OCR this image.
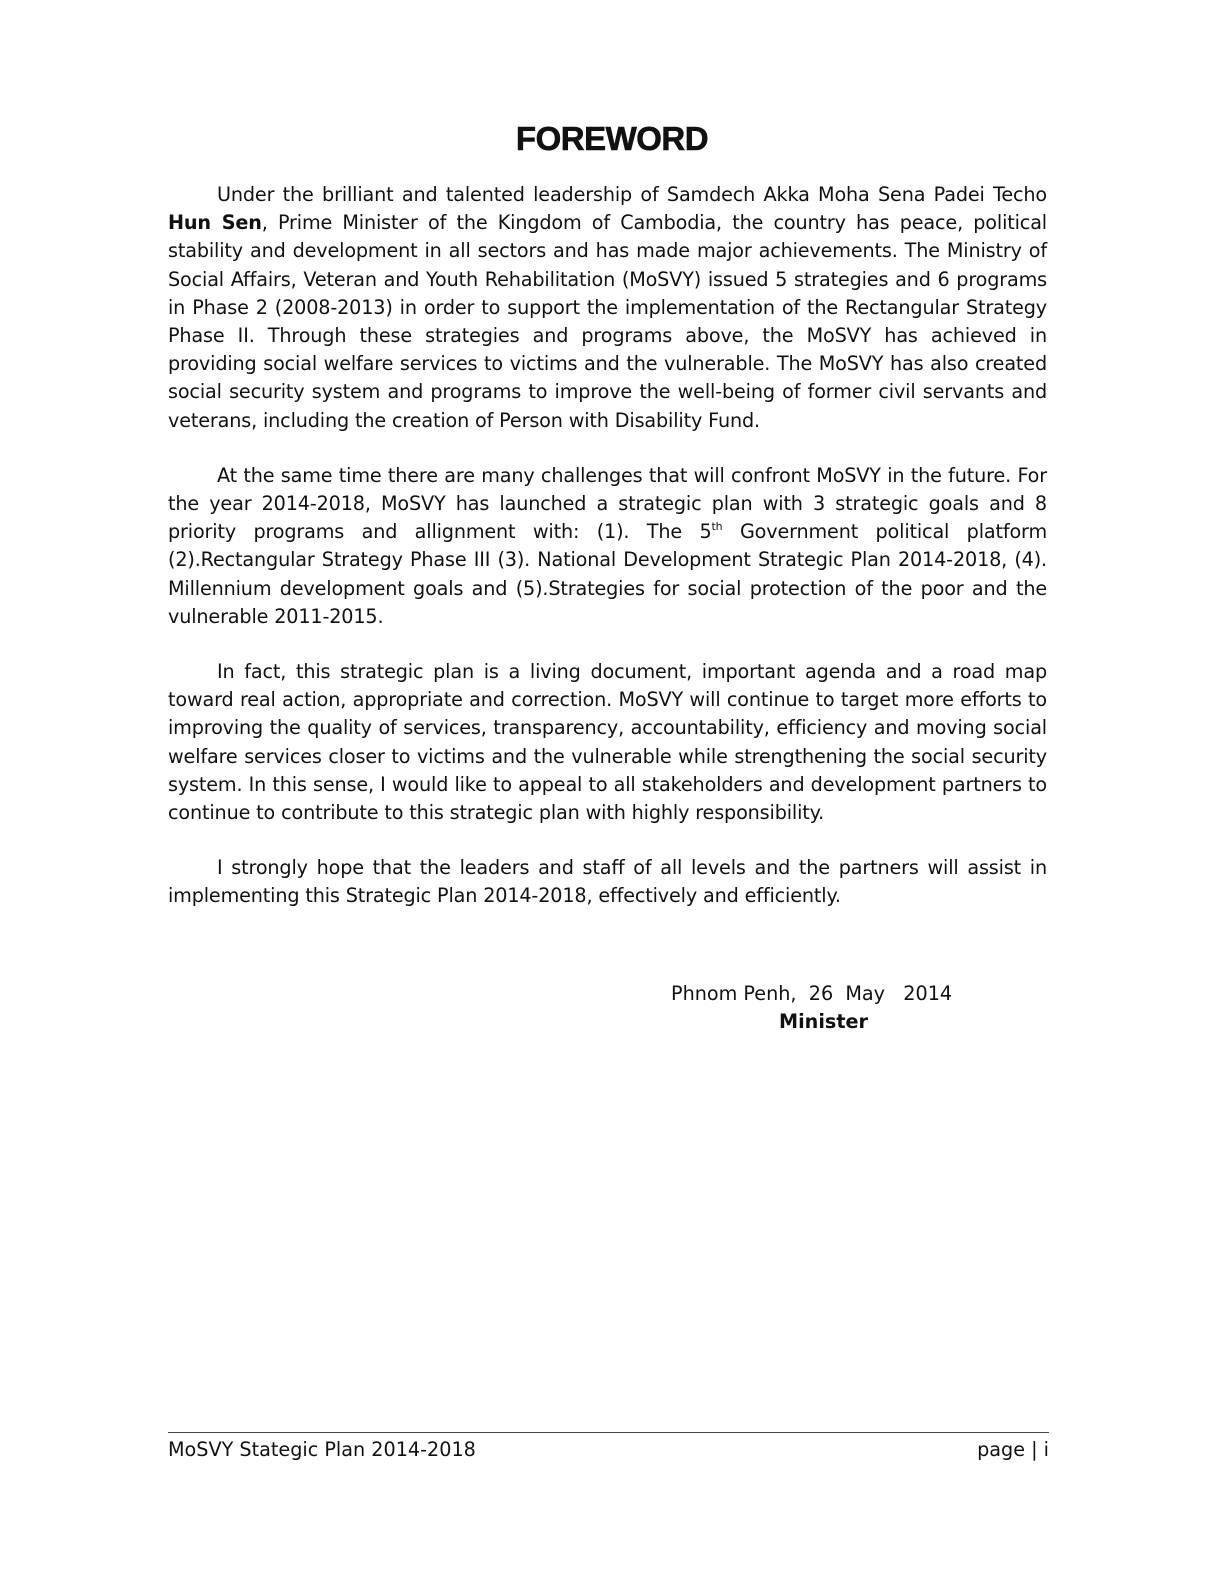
FOREWORD

Under the brilliant and talented leadership of Samdech Akka Moha Sena Padei Techo Hun Sen, Prime Minister of the Kingdom of Cambodia, the country has peace, political stability and development in all sectors and has made major achievements. The Ministry of Social Affairs, Veteran and Youth Rehabilitation (MoSVY) issued 5 strategies and 6 programs in Phase 2 (2008-2013) in order to support the implementation of the Rectangular Strategy Phase II. Through these strategies and programs above, the MoSVY has achieved in providing social welfare services to victims and the vulnerable. The MoSVY has also created social security system and programs to improve the well-being of former civil servants and veterans, including the creation of Person with Disability Fund.

At the same time there are many challenges that will confront MoSVY in the future. For the year 2014-2018, MoSVY has launched a strategic plan with 3 strategic goals and 8 priority programs and allignment with: (1). The 5th Government political platform (2).Rectangular Strategy Phase III (3). National Development Strategic Plan 2014-2018, (4). Millennium development goals and (5).Strategies for social protection of the poor and the vulnerable 2011-2015.

In fact, this strategic plan is a living document, important agenda and a road map toward real action, appropriate and correction. MoSVY will continue to target more efforts to improving the quality of services, transparency, accountability, efficiency and moving social welfare services closer to victims and the vulnerable while strengthening the social security system. In this sense, I would like to appeal to all stakeholders and development partners to continue to contribute to this strategic plan with highly responsibility.

I strongly hope that the leaders and staff of all levels and the partners will assist in implementing this Strategic Plan 2014-2018, effectively and efficiently.

Phnom Penh,  26  May   2014
Minister
MoSVY Stategic Plan 2014-2018	page | i
